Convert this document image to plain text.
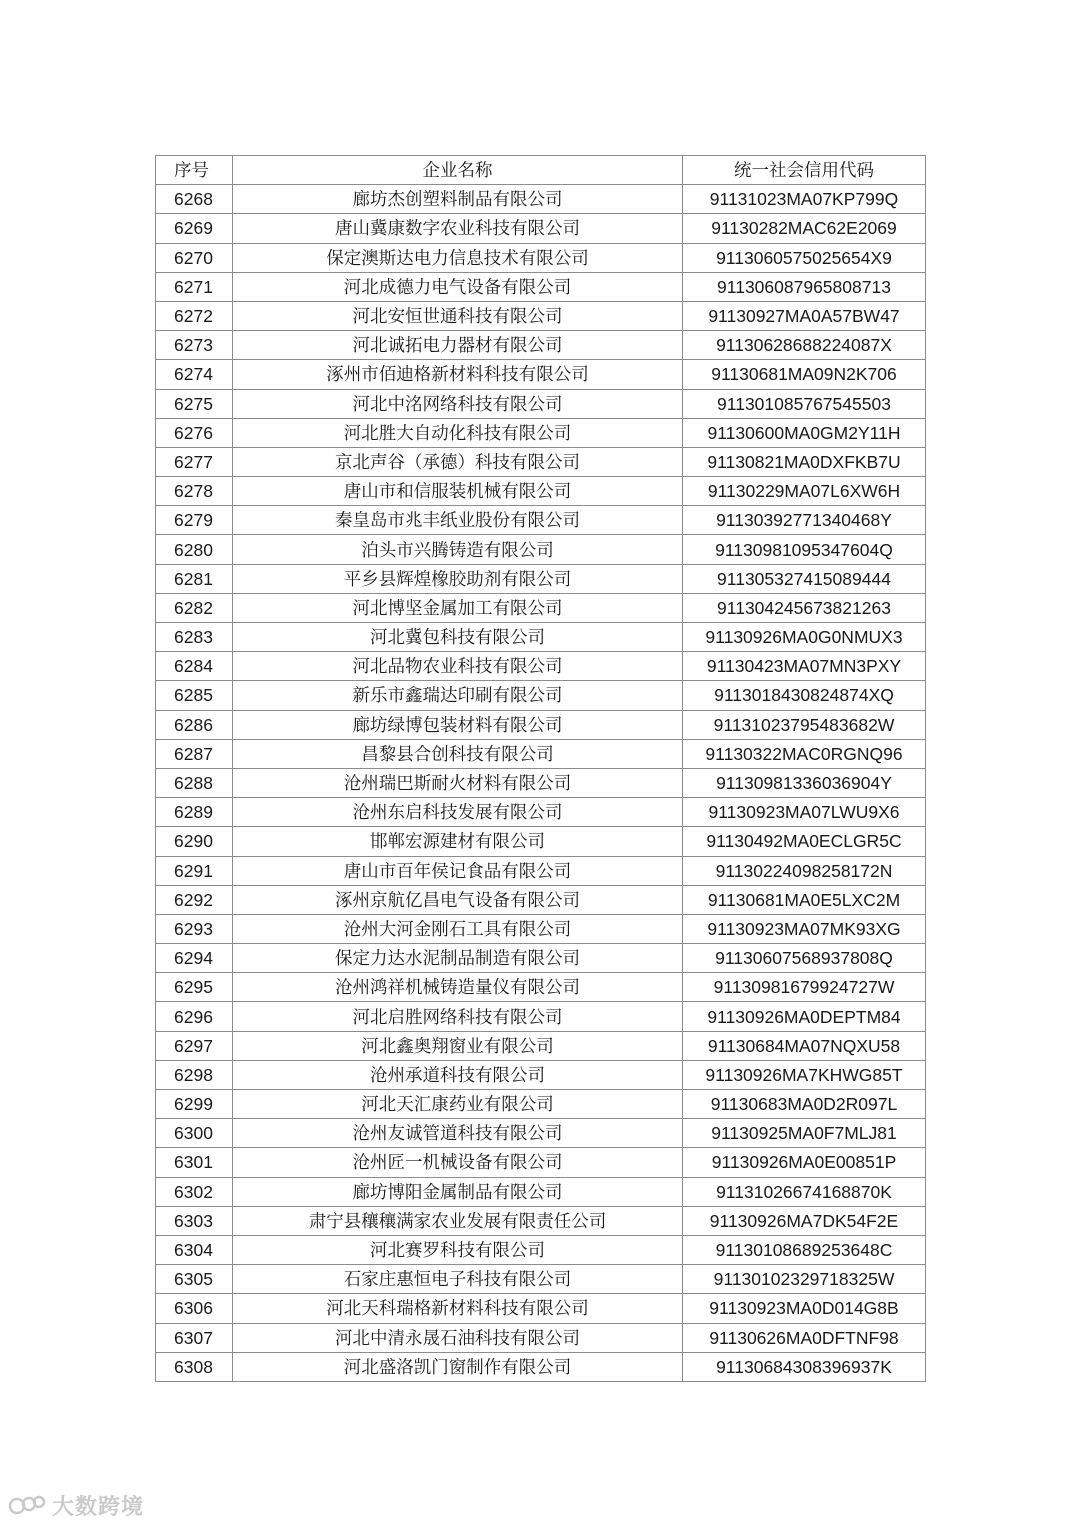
序号	企业名称	统一社会信用代码
6268	廊坊杰创塑料制品有限公司	91131023MA07KP799Q
6269	唐山冀康数字农业科技有限公司	91130282MAC62E2069
6270	保定澳斯达电力信息技术有限公司	9113060575025654X9
6271	河北成德力电气设备有限公司	911306087965808713
6272	河北安恒世通科技有限公司	91130927MA0A57BW47
6273	河北诚拓电力器材有限公司	91130628688224087X
6274	涿州市佰迪格新材料科技有限公司	91130681MA09N2K706
6275	河北中洺网络科技有限公司	911301085767545503
6276	河北胜大自动化科技有限公司	91130600MA0GM2Y11H
6277	京北声谷（承德）科技有限公司	91130821MA0DXFKB7U
6278	唐山市和信服装机械有限公司	91130229MA07L6XW6H
6279	秦皇岛市兆丰纸业股份有限公司	91130392771340468Y
6280	泊头市兴腾铸造有限公司	91130981095347604Q
6281	平乡县辉煌橡胶助剂有限公司	911305327415089444
6282	河北博坚金属加工有限公司	911304245673821263
6283	河北冀包科技有限公司	91130926MA0G0NMUX3
6284	河北品物农业科技有限公司	91130423MA07MN3PXY
6285	新乐市鑫瑞达印刷有限公司	9113018430824874XQ
6286	廊坊绿博包装材料有限公司	91131023795483682W
6287	昌黎县合创科技有限公司	91130322MAC0RGNQ96
6288	沧州瑞巴斯耐火材料有限公司	91130981336036904Y
6289	沧州东启科技发展有限公司	91130923MA07LWU9X6
6290	邯郸宏源建材有限公司	91130492MA0ECLGR5C
6291	唐山市百年侯记食品有限公司	91130224098258172N
6292	涿州京航亿昌电气设备有限公司	91130681MA0E5LXC2M
6293	沧州大河金刚石工具有限公司	91130923MA07MK93XG
6294	保定力达水泥制品制造有限公司	91130607568937808Q
6295	沧州鸿祥机械铸造量仪有限公司	91130981679924727W
6296	河北启胜网络科技有限公司	91130926MA0DEPTM84
6297	河北鑫奥翔窗业有限公司	91130684MA07NQXU58
6298	沧州承道科技有限公司	91130926MA7KHWG85T
6299	河北天汇康药业有限公司	91130683MA0D2R097L
6300	沧州友诚管道科技有限公司	91130925MA0F7MLJ81
6301	沧州匠一机械设备有限公司	91130926MA0E00851P
6302	廊坊博阳金属制品有限公司	91131026674168870K
6303	肃宁县穰穰满家农业发展有限责任公司	91130926MA7DK54F2E
6304	河北赛罗科技有限公司	91130108689253648C
6305	石家庄惠恒电子科技有限公司	91130102329718325W
6306	河北天科瑞格新材料科技有限公司	91130923MA0D014G8B
6307	河北中清永晟石油科技有限公司	91130626MA0DFTNF98
6308	河北盛洛凯门窗制作有限公司	91130684308396937K
大数跨境
